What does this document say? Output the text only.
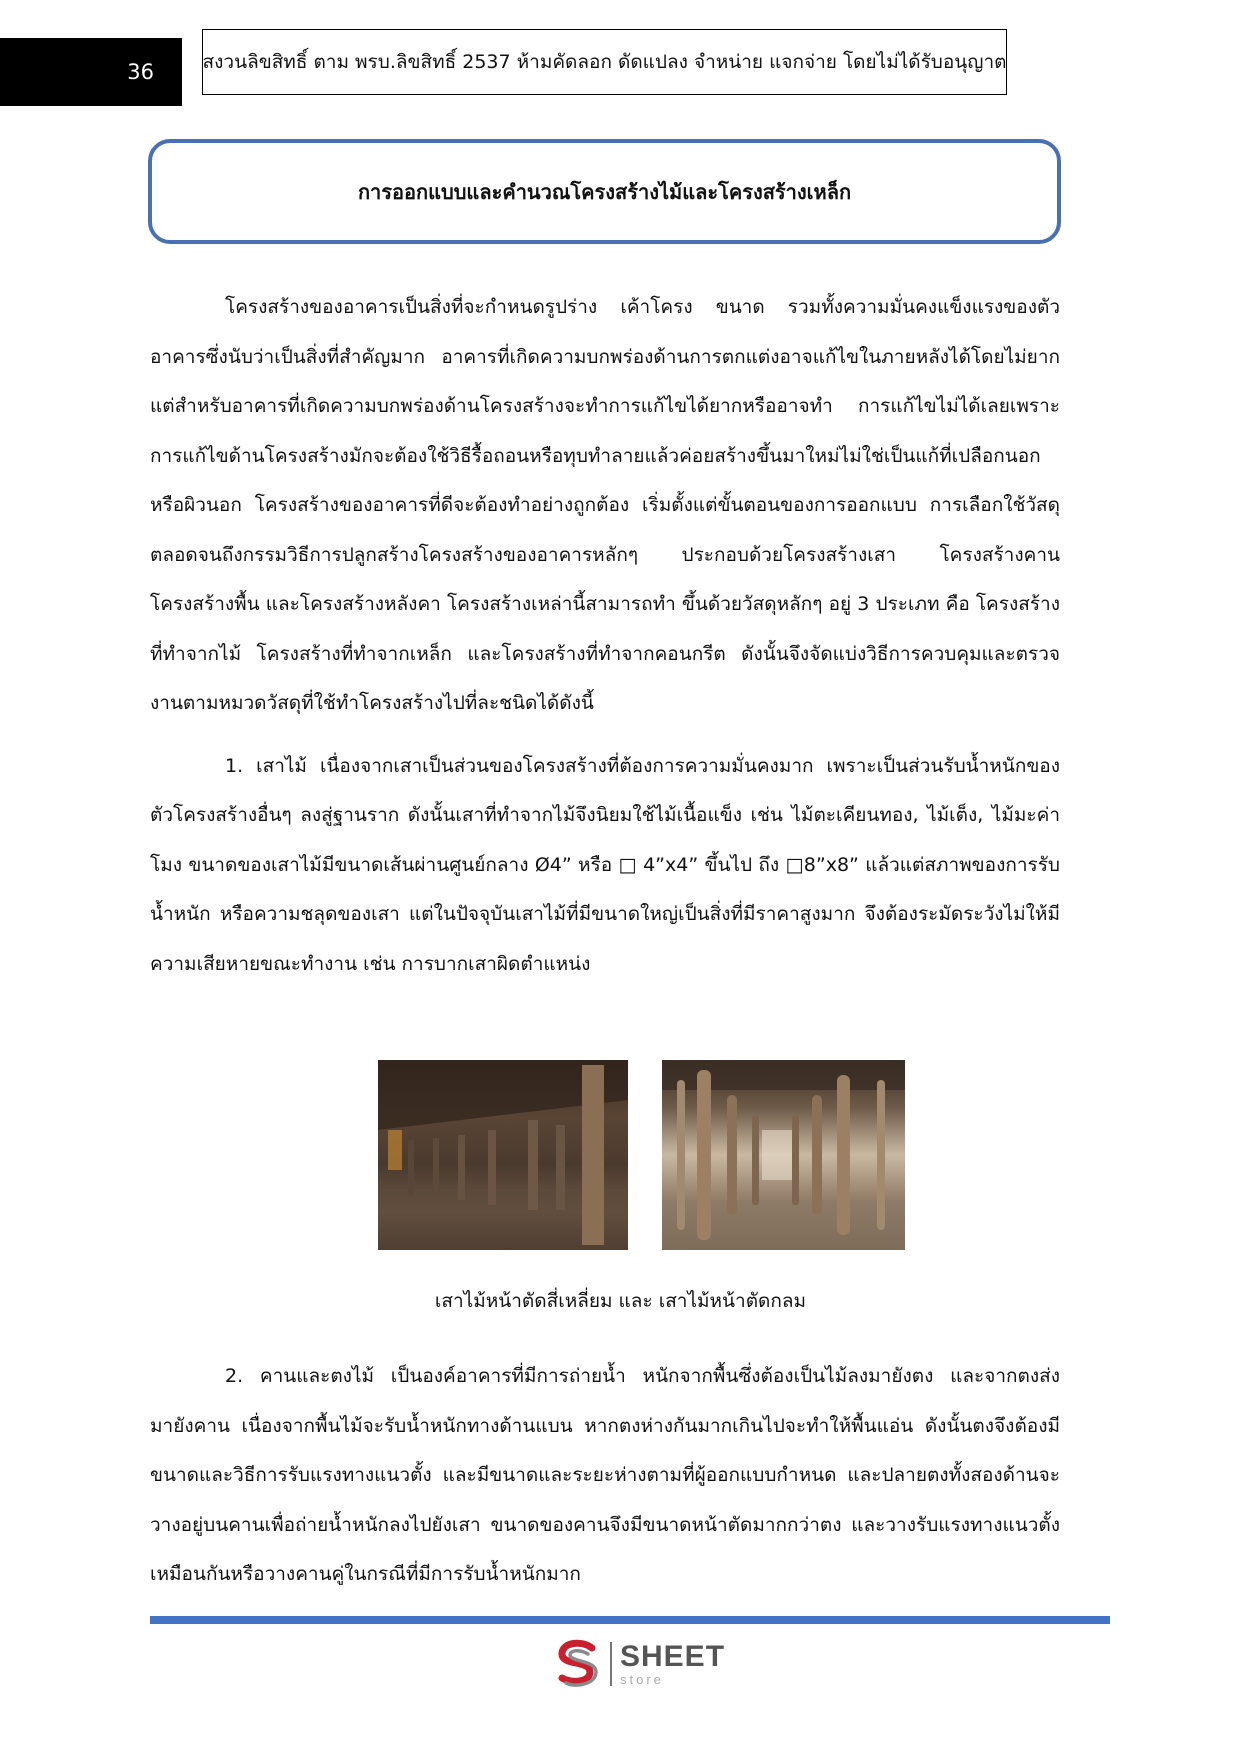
36	สงวนลิขสิทธิ์ ตาม พรบ.ลิขสิทธิ์ 2537 ห้ามคัดลอก ดัดแปลง จำหน่าย แจกจ่าย โดยไม่ได้รับอนุญาต
การออกแบบและคำนวณโครงสร้างไม้และโครงสร้างเหล็ก

โครงสร้างของอาคารเป็นสิ่งที่จะกำหนดรูปร่าง เค้าโครง ขนาด รวมทั้งความมั่นคงแข็งแรงของตัวอาคารซึ่งนับว่าเป็นสิ่งที่สำคัญมาก อาคารที่เกิดความบกพร่องด้านการตกแต่งอาจแก้ไขในภายหลังได้โดยไม่ยาก แต่สำหรับอาคารที่เกิดความบกพร่องด้านโครงสร้างจะทำการแก้ไขได้ยากหรืออาจทำ การแก้ไขไม่ได้เลยเพราะการแก้ไขด้านโครงสร้างมักจะต้องใช้วิธีรื้อถอนหรือทุบทำลายแล้วค่อยสร้างขึ้นมาใหม่ไม่ใช่เป็นแก้ที่เปลือกนอกหรือผิวนอก โครงสร้างของอาคารที่ดีจะต้องทำอย่างถูกต้อง เริ่มตั้งแต่ขั้นตอนของการออกแบบ การเลือกใช้วัสดุ ตลอดจนถึงกรรมวิธีการปลูกสร้างโครงสร้างของอาคารหลักๆ ประกอบด้วยโครงสร้างเสา โครงสร้างคาน โครงสร้างพื้น และโครงสร้างหลังคา โครงสร้างเหล่านี้สามารถทำ ขึ้นด้วยวัสดุหลักๆ อยู่ 3 ประเภท คือ โครงสร้างที่ทำจากไม้ โครงสร้างที่ทำจากเหล็ก และโครงสร้างที่ทำจากคอนกรีต ดังนั้นจึงจัดแบ่งวิธีการควบคุมและตรวจงานตามหมวดวัสดุที่ใช้ทำโครงสร้างไปที่ละชนิดได้ดังนี้

1. เสาไม้ เนื่องจากเสาเป็นส่วนของโครงสร้างที่ต้องการความมั่นคงมาก เพราะเป็นส่วนรับน้ำหนักของตัวโครงสร้างอื่นๆ ลงสู่ฐานราก ดังนั้นเสาที่ทำจากไม้จึงนิยมใช้ไม้เนื้อแข็ง เช่น ไม้ตะเคียนทอง, ไม้เต็ง, ไม้มะค่าโมง ขนาดของเสาไม้มีขนาดเส้นผ่านศูนย์กลาง Ø4” หรือ □ 4”x4” ขึ้นไป ถึง □8”x8” แล้วแต่สภาพของการรับน้ำหนัก หรือความชลุดของเสา แต่ในปัจจุบันเสาไม้ที่มีขนาดใหญ่เป็นสิ่งที่มีราคาสูงมาก จึงต้องระมัดระวังไม่ให้มีความเสียหายขณะทำงาน เช่น การบากเสาผิดตำแหน่ง

เสาไม้หน้าตัดสี่เหลี่ยม และ เสาไม้หน้าตัดกลม

2. คานและตงไม้ เป็นองค์อาคารที่มีการถ่ายน้ำ หนักจากพื้นซึ่งต้องเป็นไม้ลงมายังตง และจากตงส่งมายังคาน เนื่องจากพื้นไม้จะรับน้ำหนักทางด้านแบน หากตงห่างกันมากเกินไปจะทำให้พื้นแอ่น ดังนั้นตงจึงต้องมีขนาดและวิธีการรับแรงทางแนวตั้ง และมีขนาดและระยะห่างตามที่ผู้ออกแบบกำหนด และปลายตงทั้งสองด้านจะวางอยู่บนคานเพื่อถ่ายน้ำหนักลงไปยังเสา ขนาดของคานจึงมีขนาดหน้าตัดมากกว่าตง และวางรับแรงทางแนวตั้งเหมือนกันหรือวางคานคู่ในกรณีที่มีการรับน้ำหนักมาก

SHEET
store
